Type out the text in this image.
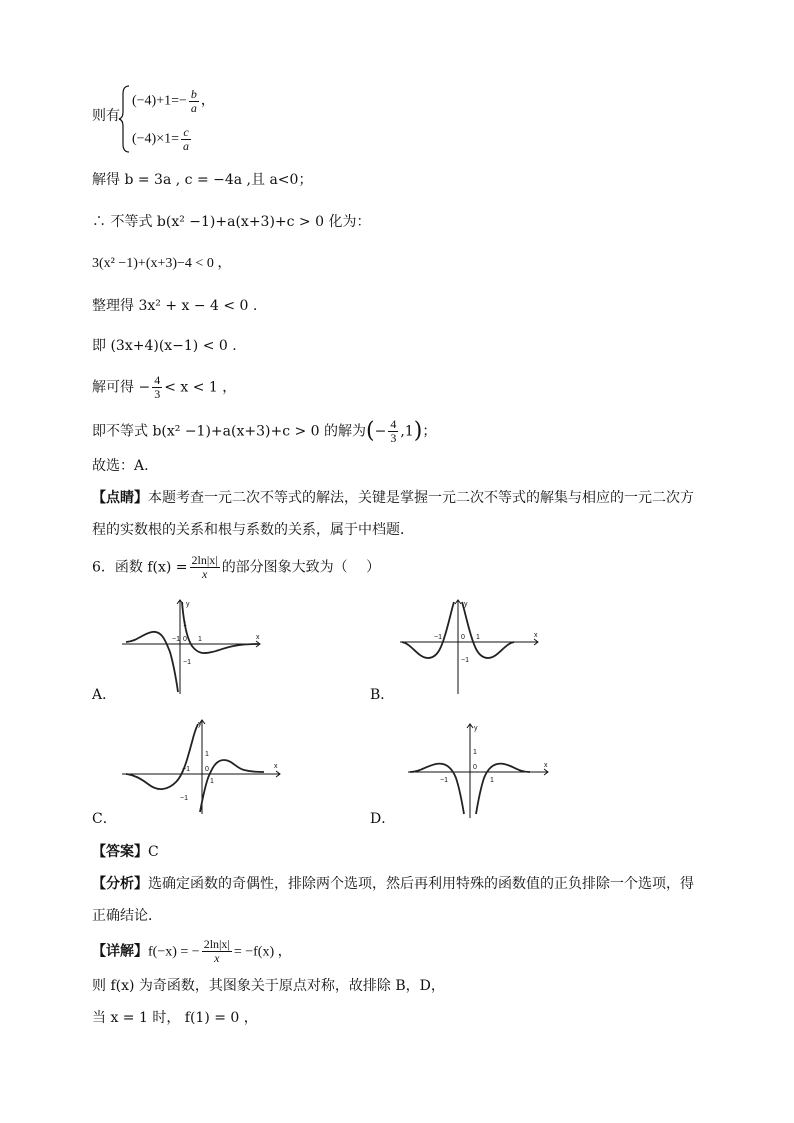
则有
$(-4)+1=- \frac{b}{a}$ ，
$(-4)\times 1= \frac{c}{a}$
解得 b = 3a , c = −4a ,且 a<0；
∴ 不等式 b(x² −1)+a(x+3)+c > 0 化为：
3(x² −1)+(x+3)−4 < 0 ，
整理得 3x² + x − 4 < 0 .
即 (3x+4)(x−1) < 0 .
解可得 − $\frac{4}{3} < x < 1$ ，
即不等式 b(x² −1)+a(x+3)+c > 0 的解为(− $\frac{4}{3} ,1$)；
故选：A.
【点睛】本题考查一元二次不等式的解法，关键是掌握一元二次不等式的解集与相应的一元二次方
程的实数根的关系和根与系数的关系，属于中档题．
6．函数 $f(x) = \frac{2\ln|x|}{x}$ 的部分图象大致为（　 ）
y
x
−1 0 1
1
−1
A．
y
x
−1	0 1
−1
B．
y
x
−1 0
1
1
−1
C．
y
x
−1
0
1
1
D．
【答案】C
【分析】选确定函数的奇偶性，排除两个选项，然后再利用特殊的函数值的正负排除一个选项，得
正确结论．
【详解】f(−x) = − $\frac{2\ln|x|}{x} = -f(x)$ ，
则 f(x) 为奇函数，其图象关于原点对称，故排除 B，D，
当 x = 1 时， f(1) = 0 ，
